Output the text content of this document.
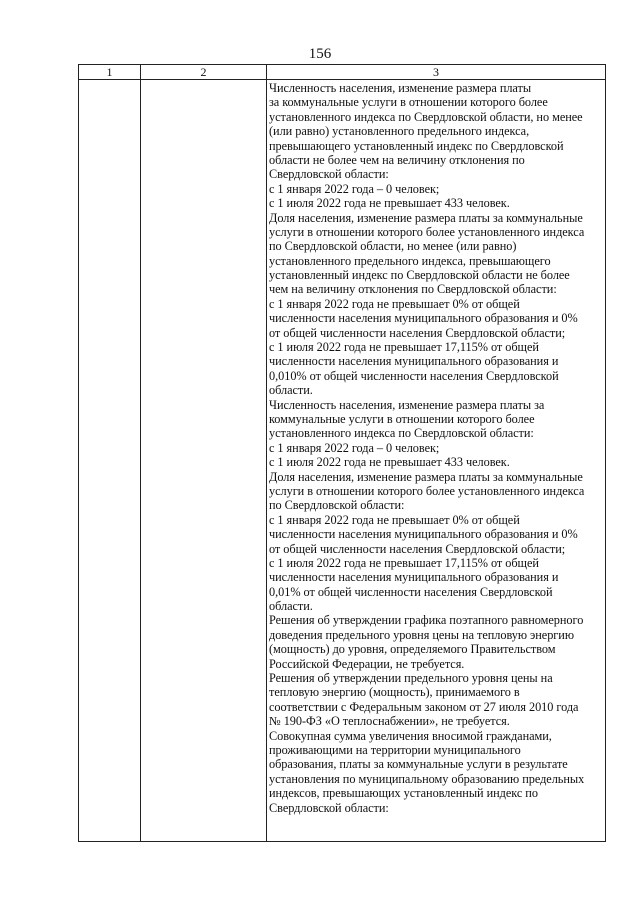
156
1	2	3
Численность населения, изменение размера платы
за коммунальные услуги в отношении которого более
установленного индекса по Свердловской области, но менее
(или равно) установленного предельного индекса,
превышающего установленный индекс по Свердловской
области не более чем на величину отклонения по
Свердловской области:
с 1 января 2022 года – 0 человек;
с 1 июля 2022 года не превышает 433 человек.
Доля населения, изменение размера платы за коммунальные
услуги в отношении которого более установленного индекса
по Свердловской области, но менее (или равно)
установленного предельного индекса, превышающего
установленный индекс по Свердловской области не более
чем на величину отклонения по Свердловской области:
с 1 января 2022 года не превышает 0% от общей
численности населения муниципального образования и 0%
от общей численности населения Свердловской области;
с 1 июля 2022 года не превышает 17,115% от общей
численности населения муниципального образования и
0,010% от общей численности населения Свердловской
области.
Численность населения, изменение размера платы за
коммунальные услуги в отношении которого более
установленного индекса по Свердловской области:
с 1 января 2022 года – 0 человек;
с 1 июля 2022 года не превышает 433 человек.
Доля населения, изменение размера платы за коммунальные
услуги в отношении которого более установленного индекса
по Свердловской области:
с 1 января 2022 года не превышает 0% от общей
численности населения муниципального образования и 0%
от общей численности населения Свердловской области;
с 1 июля 2022 года не превышает 17,115% от общей
численности населения муниципального образования и
0,01% от общей численности населения Свердловской
области.
Решения об утверждении графика поэтапного равномерного
доведения предельного уровня цены на тепловую энергию
(мощность) до уровня, определяемого Правительством
Российской Федерации, не требуется.
Решения об утверждении предельного уровня цены на
тепловую энергию (мощность), принимаемого в
соответствии с Федеральным законом от 27 июля 2010 года
№ 190-ФЗ «О теплоснабжении», не требуется.
Совокупная сумма увеличения вносимой гражданами,
проживающими на территории муниципального
образования, платы за коммунальные услуги в результате
установления по муниципальному образованию предельных
индексов, превышающих установленный индекс по
Свердловской области:
